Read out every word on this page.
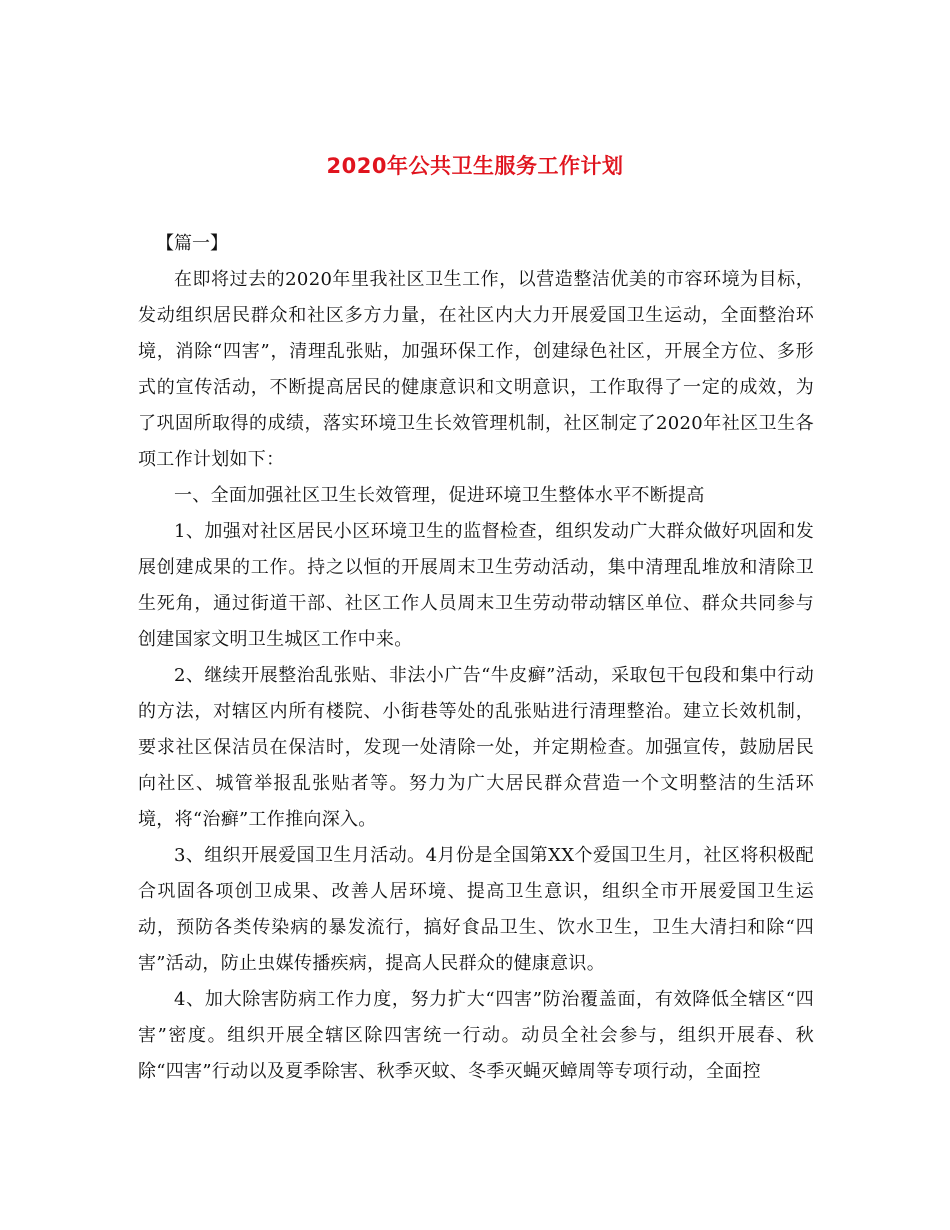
2020年公共卫生服务工作计划

【篇一】

在即将过去的2020年里我社区卫生工作，以营造整洁优美的市容环境为目标，发动组织居民群众和社区多方力量，在社区内大力开展爱国卫生运动，全面整治环境，消除“四害”，清理乱张贴，加强环保工作，创建绿色社区，开展全方位、多形式的宣传活动，不断提高居民的健康意识和文明意识，工作取得了一定的成效，为了巩固所取得的成绩，落实环境卫生长效管理机制，社区制定了2020年社区卫生各项工作计划如下：

一、全面加强社区卫生长效管理，促进环境卫生整体水平不断提高

1、加强对社区居民小区环境卫生的监督检查，组织发动广大群众做好巩固和发展创建成果的工作。持之以恒的开展周末卫生劳动活动，集中清理乱堆放和清除卫生死角，通过街道干部、社区工作人员周末卫生劳动带动辖区单位、群众共同参与创建国家文明卫生城区工作中来。

2、继续开展整治乱张贴、非法小广告“牛皮癣”活动，采取包干包段和集中行动的方法，对辖区内所有楼院、小街巷等处的乱张贴进行清理整治。建立长效机制，要求社区保洁员在保洁时，发现一处清除一处，并定期检查。加强宣传，鼓励居民向社区、城管举报乱张贴者等。努力为广大居民群众营造一个文明整洁的生活环境，将“治癣”工作推向深入。

3、组织开展爱国卫生月活动。4月份是全国第XX个爱国卫生月，社区将积极配合巩固各项创卫成果、改善人居环境、提高卫生意识，组织全市开展爱国卫生运动，预防各类传染病的暴发流行，搞好食品卫生、饮水卫生，卫生大清扫和除“四害”活动，防止虫媒传播疾病，提高人民群众的健康意识。

4、加大除害防病工作力度，努力扩大“四害”防治覆盖面，有效降低全辖区“四害”密度。组织开展全辖区除四害统一行动。动员全社会参与，组织开展春、秋除“四害”行动以及夏季除害、秋季灭蚊、冬季灭蝇灭蟑周等专项行动，全面控
